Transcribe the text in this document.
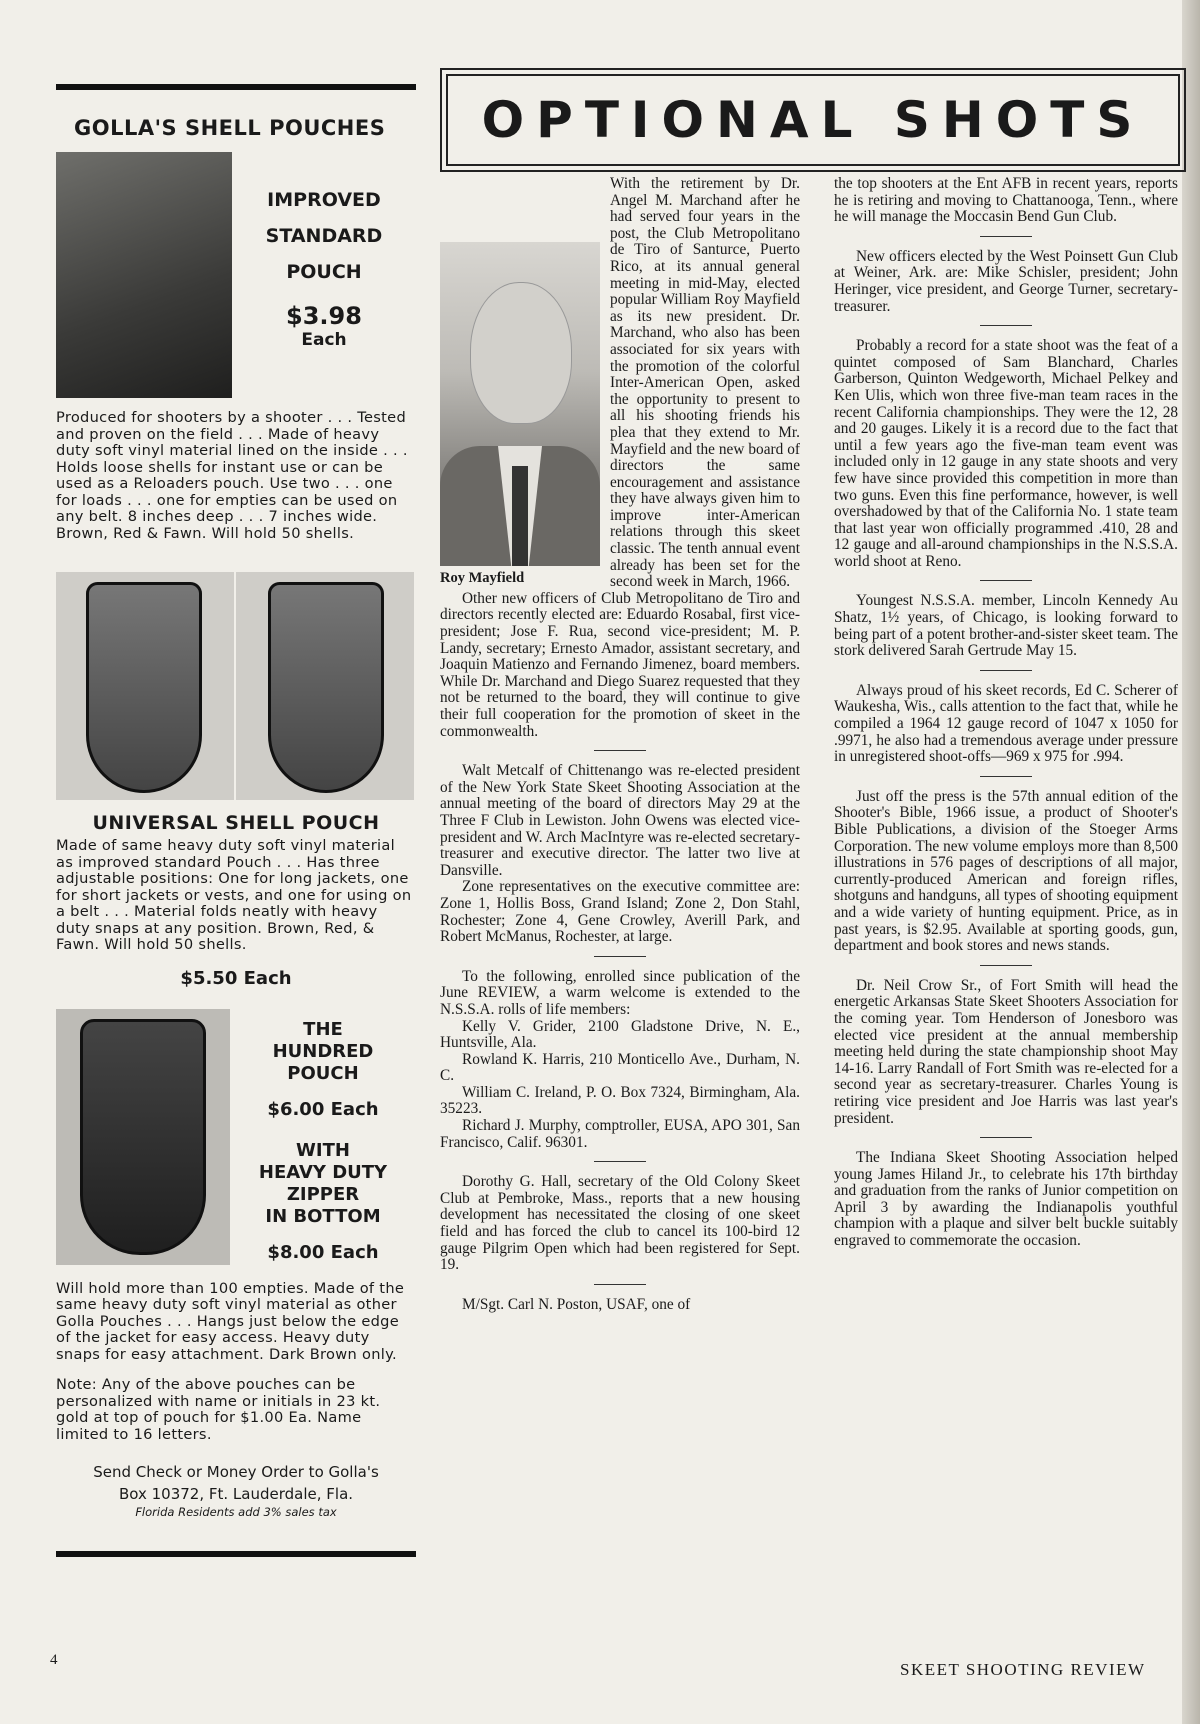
GOLLA'S SHELL POUCHES
IMPROVED
STANDARD
POUCH
$3.98
Each

Produced for shooters by a shooter . . . Tested and proven on the field . . . Made of heavy duty soft vinyl material lined on the inside . . . Holds loose shells for instant use or can be used as a Reloaders pouch. Use two . . . one for loads . . . one for empties can be used on any belt. 8 inches deep . . . 7 inches wide. Brown, Red & Fawn. Will hold 50 shells.

UNIVERSAL SHELL POUCH

Made of same heavy duty soft vinyl material as improved standard Pouch . . . Has three adjustable positions: One for long jackets, one for short jackets or vests, and one for using on a belt . . . Material folds neatly with heavy duty snaps at any position. Brown, Red, & Fawn. Will hold 50 shells.

$5.50 Each
THE
HUNDRED
POUCH
$6.00 Each
WITH
HEAVY DUTY
ZIPPER
IN BOTTOM
$8.00 Each

Will hold more than 100 empties. Made of the same heavy duty soft vinyl material as other Golla Pouches . . . Hangs just below the edge of the jacket for easy access. Heavy duty snaps for easy attachment. Dark Brown only.

Note: Any of the above pouches can be personalized with name or initials in 23 kt. gold at top of pouch for $1.00 Ea. Name limited to 16 letters.

Send Check or Money Order to Golla's
Box 10372, Ft. Lauderdale, Fla.
Florida Residents add 3% sales tax
OPTIONAL SHOTS

Roy Mayfield
With the retirement by Dr. Angel M. Marchand after he had served four years in the post, the Club Metropolitano de Tiro of Santurce, Puerto Rico, at its annual general meeting in mid-May, elected popular William Roy Mayfield as its new president. Dr. Marchand, who also has been associated for six years with the promotion of the colorful Inter-American Open, asked the opportunity to present to all his shooting friends his plea that they extend to Mr. Mayfield and the new board of directors the same encouragement and assistance they have always given him to improve inter-American relations through this skeet classic. The tenth annual event already has been set for the second week in March, 1966.

Other new officers of Club Metropolitano de Tiro and directors recently elected are: Eduardo Rosabal, first vice-president; Jose F. Rua, second vice-president; M. P. Landy, secretary; Ernesto Amador, assistant secretary, and Joaquin Matienzo and Fernando Jimenez, board members. While Dr. Marchand and Diego Suarez requested that they not be returned to the board, they will continue to give their full cooperation for the promotion of skeet in the commonwealth.

Walt Metcalf of Chittenango was re-elected president of the New York State Skeet Shooting Association at the annual meeting of the board of directors May 29 at the Three F Club in Lewiston. John Owens was elected vice-president and W. Arch MacIntyre was re-elected secretary-treasurer and executive director. The latter two live at Dansville.

Zone representatives on the executive committee are: Zone 1, Hollis Boss, Grand Island; Zone 2, Don Stahl, Rochester; Zone 4, Gene Crowley, Averill Park, and Robert McManus, Rochester, at large.

To the following, enrolled since publication of the June REVIEW, a warm welcome is extended to the N.S.S.A. rolls of life members:

Kelly V. Grider, 2100 Gladstone Drive, N. E., Huntsville, Ala.

Rowland K. Harris, 210 Monticello Ave., Durham, N. C.

William C. Ireland, P. O. Box 7324, Birmingham, Ala. 35223.

Richard J. Murphy, comptroller, EUSA, APO 301, San Francisco, Calif. 96301.

Dorothy G. Hall, secretary of the Old Colony Skeet Club at Pembroke, Mass., reports that a new housing development has necessitated the closing of one skeet field and has forced the club to cancel its 100-bird 12 gauge Pilgrim Open which had been registered for Sept. 19.

M/Sgt. Carl N. Poston, USAF, one of

the top shooters at the Ent AFB in recent years, reports he is retiring and moving to Chattanooga, Tenn., where he will manage the Moccasin Bend Gun Club.

New officers elected by the West Poinsett Gun Club at Weiner, Ark. are: Mike Schisler, president; John Heringer, vice president, and George Turner, secretary-treasurer.

Probably a record for a state shoot was the feat of a quintet composed of Sam Blanchard, Charles Garberson, Quinton Wedgeworth, Michael Pelkey and Ken Ulis, which won three five-man team races in the recent California championships. They were the 12, 28 and 20 gauges. Likely it is a record due to the fact that until a few years ago the five-man team event was included only in 12 gauge in any state shoots and very few have since provided this competition in more than two guns. Even this fine performance, however, is well overshadowed by that of the California No. 1 state team that last year won officially programmed .410, 28 and 12 gauge and all-around championships in the N.S.S.A. world shoot at Reno.

Youngest N.S.S.A. member, Lincoln Kennedy Au Shatz, 1½ years, of Chicago, is looking forward to being part of a potent brother-and-sister skeet team. The stork delivered Sarah Gertrude May 15.

Always proud of his skeet records, Ed C. Scherer of Waukesha, Wis., calls attention to the fact that, while he compiled a 1964 12 gauge record of 1047 x 1050 for .9971, he also had a tremendous average under pressure in unregistered shoot-offs—969 x 975 for .994.

Just off the press is the 57th annual edition of the Shooter's Bible, 1966 issue, a product of Shooter's Bible Publications, a division of the Stoeger Arms Corporation. The new volume employs more than 8,500 illustrations in 576 pages of descriptions of all major, currently-produced American and foreign rifles, shotguns and handguns, all types of shooting equipment and a wide variety of hunting equipment. Price, as in past years, is $2.95. Available at sporting goods, gun, department and book stores and news stands.

Dr. Neil Crow Sr., of Fort Smith will head the energetic Arkansas State Skeet Shooters Association for the coming year. Tom Henderson of Jonesboro was elected vice president at the annual membership meeting held during the state championship shoot May 14-16. Larry Randall of Fort Smith was re-elected for a second year as secretary-treasurer. Charles Young is retiring vice president and Joe Harris was last year's president.

The Indiana Skeet Shooting Association helped young James Hiland Jr., to celebrate his 17th birthday and graduation from the ranks of Junior competition on April 3 by awarding the Indianapolis youthful champion with a plaque and silver belt buckle suitably engraved to commemorate the occasion.

4	SKEET SHOOTING REVIEW
